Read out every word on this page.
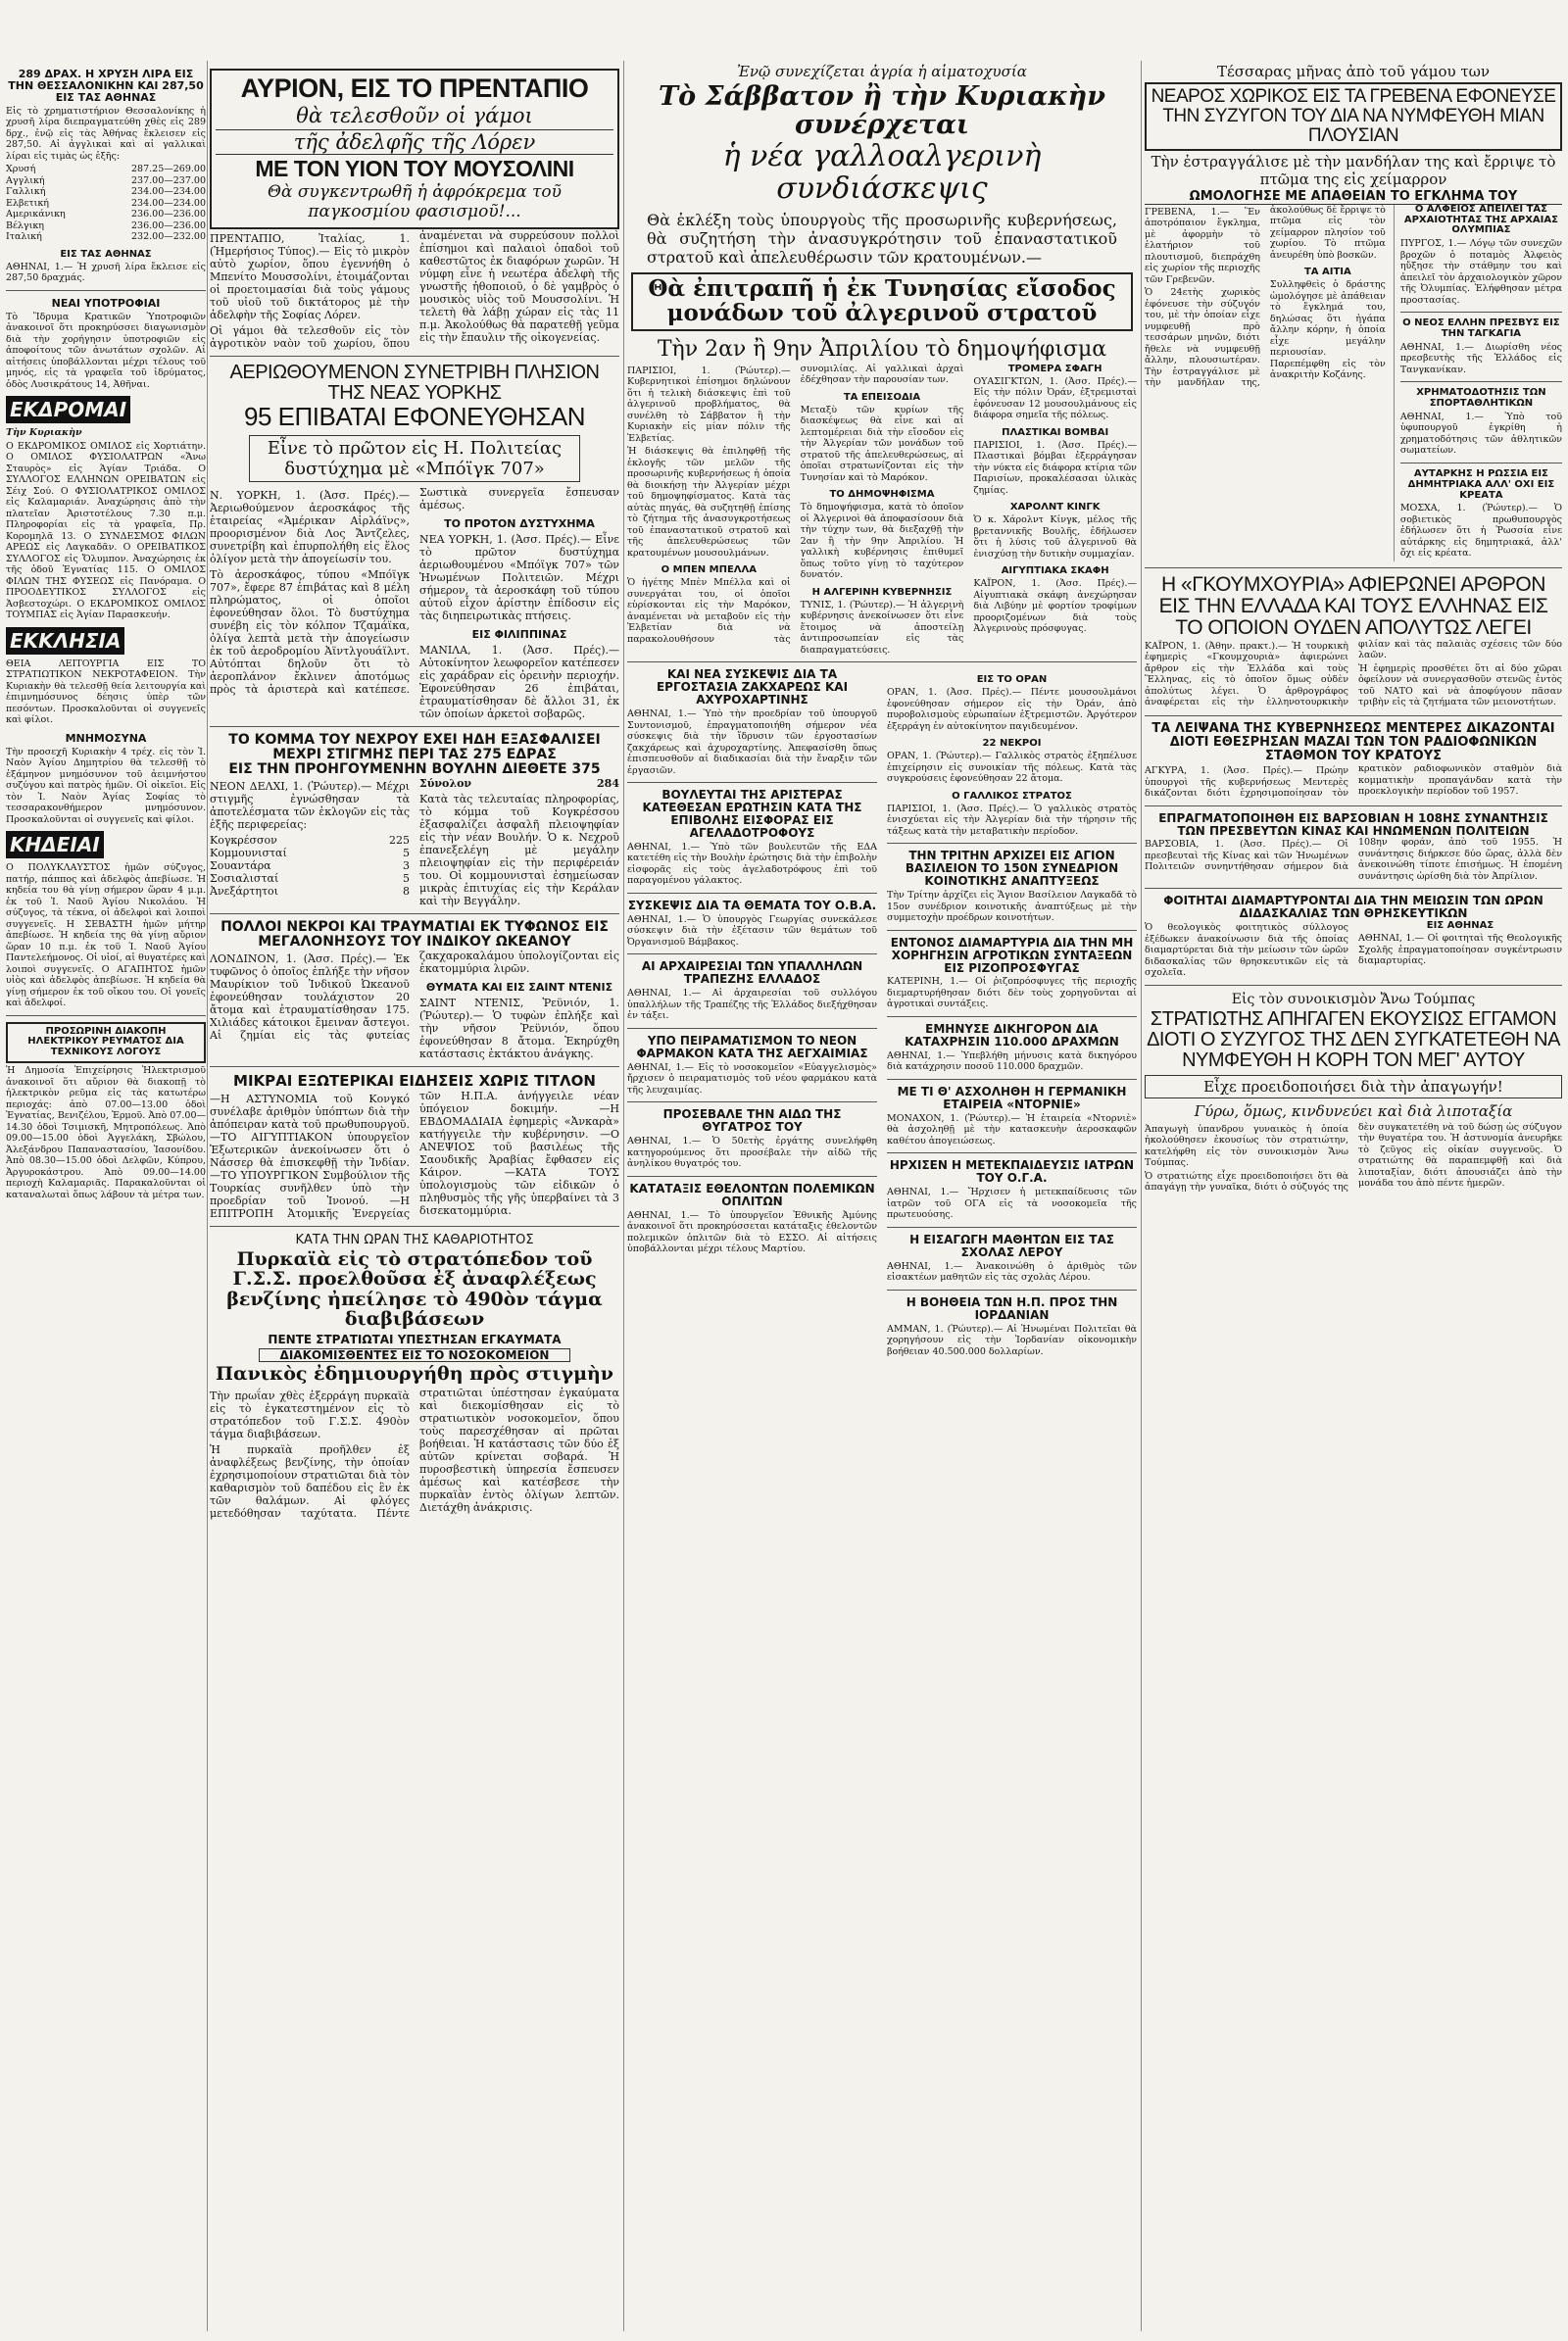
289 ΔΡΑΧ. Η ΧΡΥΣΗ ΛΙΡΑ ΕΙΣ ΤΗΝ ΘΕΣΣΑΛΟΝΙΚΗΝ ΚΑΙ 287,50 ΕΙΣ ΤΑΣ ΑΘΗΝΑΣ

Εἰς τὸ χρηματιστήριον Θεσσαλονίκης ἡ χρυσῆ λίρα διεπραγματεύθη χθὲς εἰς 289 δρχ., ἐνῷ εἰς τὰς Ἀθήνας ἔκλεισεν εἰς 287,50. Αἱ ἀγγλικαὶ καὶ αἱ γαλλικαὶ λίραι εἰς τιμὰς ὡς ἑξῆς:

Χρυσή	287.25—269.00
Αγγλική	237.00—237.00
Γαλλική	234.00—234.00
Ελβετική	234.00—234.00
Αμερικάνικη	236.00—236.00
Βέλγικη	236.00—236.00
Ιταλική	232.00—232.00

ΕΙΣ ΤΑΣ ΑΘΗΝΑΣ

ΑΘΗΝΑΙ, 1.— Ἡ χρυσῆ λίρα ἔκλεισε εἰς 287,50 δραχμάς.

ΝΕΑΙ ΥΠΟΤΡΟΦΙΑΙ

Τὸ Ἵδρυμα Κρατικῶν Ὑποτροφιῶν ἀνακοινοῖ ὅτι προκηρύσσει διαγωνισμὸν διὰ τὴν χορήγησιν ὑποτροφιῶν εἰς ἀποφοίτους τῶν ἀνωτάτων σχολῶν. Αἱ αἰτήσεις ὑποβάλλονται μέχρι τέλους τοῦ μηνός, εἰς τὰ γραφεῖα τοῦ ἱδρύματος, ὁδὸς Λυσικράτους 14, Ἀθῆναι.

ΕΚΔΡΟΜΑΙ

Τὴν Κυριακὴν

Ο ΕΚΔΡΟΜΙΚΟΣ ΟΜΙΛΟΣ εἰς Χορτιάτην. Ο ΟΜΙΛΟΣ ΦΥΣΙΟΛΑΤΡΩΝ «Ἄνω Σταυρὸς» εἰς Ἁγίαν Τριάδα. Ο ΣΥΛΛΟΓΟΣ ΕΛΛΗΝΩΝ ΟΡΕΙΒΑΤΩΝ εἰς Σέιχ Σού. Ο ΦΥΣΙΟΛΑΤΡΙΚΟΣ ΟΜΙΛΟΣ εἰς Καλαμαριάν. Ἀναχώρησις ἀπὸ τὴν πλατεῖαν Ἀριστοτέλους 7.30 π.μ. Πληροφορίαι εἰς τὰ γραφεῖα, Πρ. Κορομηλᾶ 13. Ο ΣΥΝΔΕΣΜΟΣ ΦΙΛΩΝ ΑΡΕΩΣ εἰς Λαγκαδᾶν. Ο ΟΡΕΙΒΑΤΙΚΟΣ ΣΥΛΛΟΓΟΣ εἰς Ὄλυμπον. Ἀναχώρησις ἐκ τῆς ὁδοῦ Ἐγνατίας 115. Ο ΟΜΙΛΟΣ ΦΙΛΩΝ ΤΗΣ ΦΥΣΕΩΣ εἰς Πανόραμα. Ο ΠΡΟΟΔΕΥΤΙΚΟΣ ΣΥΛΛΟΓΟΣ εἰς Ἀσβεστοχώρι. Ο ΕΚΔΡΟΜΙΚΟΣ ΟΜΙΛΟΣ ΤΟΥΜΠΑΣ εἰς Ἁγίαν Παρασκευήν.

ΕΚΚΛΗΣΙΑ

ΘΕΙΑ ΛΕΙΤΟΥΡΓΙΑ ΕΙΣ ΤΟ ΣΤΡΑΤΙΩΤΙΚΟΝ ΝΕΚΡΟΤΑΦΕΙΟΝ. Τὴν Κυριακὴν θὰ τελεσθῇ θεία λειτουργία καὶ ἐπιμνημόσυνος δέησις ὑπὲρ τῶν πεσόντων. Προσκαλοῦνται οἱ συγγενεῖς καὶ φίλοι.

ΜΝΗΜΟΣΥΝΑ

Τὴν προσεχῆ Κυριακὴν 4 τρέχ. εἰς τὸν Ἱ. Ναὸν Ἁγίου Δημητρίου θὰ τελεσθῇ τὸ ἑξάμηνον μνημόσυνον τοῦ ἀειμνήστου συζύγου καὶ πατρὸς ἡμῶν. Οἱ οἰκεῖοι. Εἰς τὸν Ἱ. Ναὸν Ἁγίας Σοφίας τὸ τεσσαρακονθήμερον μνημόσυνον. Προσκαλοῦνται οἱ συγγενεῖς καὶ φίλοι.

ΚΗΔΕΙΑΙ

Ο ΠΟΛΥΚΛΑΥΣΤΟΣ ἡμῶν σύζυγος, πατήρ, πάππος καὶ ἀδελφὸς ἀπεβίωσε. Ἡ κηδεία του θὰ γίνῃ σήμερον ὥραν 4 μ.μ. ἐκ τοῦ Ἱ. Ναοῦ Ἁγίου Νικολάου. Ἡ σύζυγος, τὰ τέκνα, οἱ ἀδελφοὶ καὶ λοιποὶ συγγενεῖς. Η ΣΕΒΑΣΤΗ ἡμῶν μήτηρ ἀπεβίωσε. Ἡ κηδεία της θὰ γίνῃ αὔριον ὥραν 10 π.μ. ἐκ τοῦ Ἱ. Ναοῦ Ἁγίου Παντελεήμονος. Οἱ υἱοί, αἱ θυγατέρες καὶ λοιποὶ συγγενεῖς. Ο ΑΓΑΠΗΤΟΣ ἡμῶν υἱὸς καὶ ἀδελφὸς ἀπεβίωσε. Ἡ κηδεία θὰ γίνῃ σήμερον ἐκ τοῦ οἴκου του. Οἱ γονεῖς καὶ ἀδελφοί.

ΠΡΟΣΩΡΙΝΗ ΔΙΑΚΟΠΗ ΗΛΕΚΤΡΙΚΟΥ ΡΕΥΜΑΤΟΣ ΔΙΑ ΤΕΧΝΙΚΟΥΣ ΛΟΓΟΥΣ

Ἡ Δημοσία Ἐπιχείρησις Ἠλεκτρισμοῦ ἀνακοινοῖ ὅτι αὔριον θὰ διακοπῇ τὸ ἠλεκτρικὸν ρεῦμα εἰς τὰς κατωτέρω περιοχάς: ἀπὸ 07.00—13.00 ὁδοὶ Ἐγνατίας, Βενιζέλου, Ἑρμοῦ. Ἀπὸ 07.00—14.30 ὁδοὶ Τσιμισκῆ, Μητροπόλεως. Ἀπὸ 09.00—15.00 ὁδοὶ Ἀγγελάκη, Σβώλου, Ἀλεξάνδρου Παπαναστασίου, Ἰασονίδου. Ἀπὸ 08.30—15.00 ὁδοὶ Δελφῶν, Κύπρου, Ἀργυροκάστρου. Ἀπὸ 09.00—14.00 περιοχὴ Καλαμαριᾶς. Παρακαλοῦνται οἱ καταναλωταὶ ὅπως λάβουν τὰ μέτρα των.

ΑΥΡΙΟΝ, ΕΙΣ ΤΟ ΠΡΕΝΤΑΠΙΟ

θὰ τελεσθοῦν οἱ γάμοι

τῆς ἀδελφῆς τῆς Λόρεν

ΜΕ ΤΟΝ ΥΙΟΝ ΤΟΥ ΜΟΥΣΟΛΙΝΙ

Θὰ συγκεντρωθῆ ἡ ἀφρόκρεμα τοῦ παγκοσμίου φασισμοῦ!...

ΠΡΕΝΤΑΠΙΟ, Ἰταλίας, 1. (Ἡμερήσιος Τύπος).— Εἰς τὸ μικρὸν αὐτὸ χωρίον, ὅπου ἐγεννήθη ὁ Μπενίτο Μουσσολίνι, ἑτοιμάζονται οἱ προετοιμασίαι διὰ τοὺς γάμους τοῦ υἱοῦ τοῦ δικτάτορος μὲ τὴν ἀδελφὴν τῆς Σοφίας Λόρεν.

Οἱ γάμοι θὰ τελεσθοῦν εἰς τὸν ἀγροτικὸν ναὸν τοῦ χωρίου, ὅπου ἀναμένεται νὰ συρρεύσουν πολλοὶ ἐπίσημοι καὶ παλαιοὶ ὀπαδοὶ τοῦ καθεστῶτος ἐκ διαφόρων χωρῶν. Ἡ νύμφη εἶνε ἡ νεωτέρα ἀδελφὴ τῆς γνωστῆς ἠθοποιοῦ, ὁ δὲ γαμβρὸς ὁ μουσικὸς υἱὸς τοῦ Μουσσολίνι. Ἡ τελετὴ θὰ λάβῃ χώραν εἰς τὰς 11 π.μ. Ἀκολούθως θὰ παρατεθῇ γεῦμα εἰς τὴν ἔπαυλιν τῆς οἰκογενείας.

ΑΕΡΙΩΘΟΥΜΕΝΟΝ ΣΥΝΕΤΡΙΒΗ ΠΛΗΣΙΟΝ ΤΗΣ ΝΕΑΣ ΥΟΡΚΗΣ

95 ΕΠΙΒΑΤΑΙ ΕΦΟΝΕΥΘΗΣΑΝ

Εἶνε τὸ πρῶτον εἰς Η. Πολιτείας δυστύχημα μὲ «Μπόϊγκ 707»

Ν. ΥΟΡΚΗ, 1. (Ἀσσ. Πρές).— Ἀεριωθούμενον ἀεροσκάφος τῆς ἑταιρείας «Ἀμέρικαν Αἰρλάϊνς», προορισμένον διὰ Λος Ἄντζελες, συνετρίβη καὶ ἐπυρπολήθη εἰς ἕλος ὀλίγον μετὰ τὴν ἀπογείωσίν του.

Τὸ ἀεροσκάφος, τύπου «Μπόϊγκ 707», ἔφερε 87 ἐπιβάτας καὶ 8 μέλη πληρώματος, οἱ ὁποῖοι ἐφονεύθησαν ὅλοι. Τὸ δυστύχημα συνέβη εἰς τὸν κόλπον Τζαμάϊκα, ὀλίγα λεπτὰ μετὰ τὴν ἀπογείωσιν ἐκ τοῦ ἀεροδρομίου Ἀϊντλγουάϊλντ. Αὐτόπται δηλοῦν ὅτι τὸ ἀεροπλάνον ἔκλινεν ἀποτόμως πρὸς τὰ ἀριστερὰ καὶ κατέπεσε. Σωστικὰ συνεργεῖα ἔσπευσαν ἀμέσως.

ΤΟ ΠΡΟΤΟΝ ΔΥΣΤΥΧΗΜΑ

ΝΕΑ ΥΟΡΚΗ, 1. (Ἀσσ. Πρές).— Εἶνε τὸ πρῶτον δυστύχημα ἀεριωθουμένου «Μπόϊγκ 707» τῶν Ἡνωμένων Πολιτειῶν. Μέχρι σήμερον, τὰ ἀεροσκάφη τοῦ τύπου αὐτοῦ εἶχον ἀρίστην ἐπίδοσιν εἰς τὰς διηπειρωτικὰς πτήσεις.

ΕΙΣ ΦΙΛΙΠΠΙΝΑΣ

ΜΑΝΙΛΑ, 1. (Ἀσσ. Πρές).— Αὐτοκίνητον λεωφορεῖον κατέπεσεν εἰς χαράδραν εἰς ὀρεινὴν περιοχήν. Ἐφονεύθησαν 26 ἐπιβάται, ἐτραυματίσθησαν δὲ ἄλλοι 31, ἐκ τῶν ὁποίων ἀρκετοὶ σοβαρῶς.

ΤΟ ΚΟΜΜΑ ΤΟΥ ΝΕΧΡΟΥ ΕΧΕΙ ΗΔΗ ΕΞΑΣΦΑΛΙΣΕΙ ΜΕΧΡΙ ΣΤΙΓΜΗΣ ΠΕΡΙ ΤΑΣ 275 ΕΔΡΑΣ

ΕΙΣ ΤΗΝ ΠΡΟΗΓΟΥΜΕΝΗΝ ΒΟΥΛΗΝ ΔΙΕΘΕΤΕ 375

ΝΕΟΝ ΔΕΛΧΙ, 1. (Ῥώυτερ).— Μέχρι στιγμῆς ἐγνώσθησαν τὰ ἀποτελέσματα τῶν ἐκλογῶν εἰς τὰς ἑξῆς περιφερείας:

Κογκρέσσον	225
Κομμουνισταί	5
Σουαντάρα	3
Σοσιαλισταί	5
Ἀνεξάρτητοι	8
Σύνολον	284

Κατὰ τὰς τελευταίας πληροφορίας, τὸ κόμμα τοῦ Κογκρέσσου ἐξασφαλίζει ἀσφαλῆ πλειοψηφίαν εἰς τὴν νέαν Βουλήν. Ὁ κ. Νεχροῦ ἐπανεξελέγη μὲ μεγάλην πλειοψηφίαν εἰς τὴν περιφέρειάν του. Οἱ κομμουνισταὶ ἐσημείωσαν μικρὰς ἐπιτυχίας εἰς τὴν Κεράλαν καὶ τὴν Βεγγάλην.

ΠΟΛΛΟΙ ΝΕΚΡΟΙ ΚΑΙ ΤΡΑΥΜΑΤΙΑΙ ΕΚ ΤΥΦΩΝΟΣ ΕΙΣ ΜΕΓΑΛΟΝΗΣΟΥΣ ΤΟΥ ΙΝΔΙΚΟΥ ΩΚΕΑΝΟΥ

ΛΟΝΔΙΝΟΝ, 1. (Ἀσσ. Πρές).— Ἐκ τυφῶνος ὁ ὁποῖος ἐπλήξε τὴν νῆσον Μαυρίκιον τοῦ Ἰνδικοῦ Ὠκεανοῦ ἐφονεύθησαν τουλάχιστον 20 ἄτομα καὶ ἐτραυματίσθησαν 175. Χιλιάδες κάτοικοι ἔμειναν ἄστεγοι. Αἱ ζημίαι εἰς τὰς φυτείας ζακχαροκαλάμου ὑπολογίζονται εἰς ἑκατομμύρια λιρῶν.

ΘΥΜΑΤΑ ΚΑΙ ΕΙΣ ΣΑΙΝΤ ΝΤΕΝΙΣ

ΣΑΙΝΤ ΝΤΕΝΙΣ, Ῥεϋνιόν, 1. (Ῥώυτερ).— Ὁ τυφὼν ἐπλήξε καὶ τὴν νῆσον Ῥεϋνιόν, ὅπου ἐφονεύθησαν 8 ἄτομα. Ἐκηρύχθη κατάστασις ἐκτάκτου ἀνάγκης.

ΜΙΚΡΑΙ ΕΞΩΤΕΡΙΚΑΙ ΕΙΔΗΣΕΙΣ ΧΩΡΙΣ ΤΙΤΛΟΝ

—Η ΑΣΤΥΝΟΜΙΑ τοῦ Κονγκό συνέλαβε ἀριθμὸν ὑπόπτων διὰ τὴν ἀπόπειραν κατὰ τοῦ πρωθυπουργοῦ. —ΤΟ ΑΙΓΥΠΤΙΑΚΟΝ ὑπουργεῖον Ἐξωτερικῶν ἀνεκοίνωσεν ὅτι ὁ Νάσσερ θὰ ἐπισκεφθῇ τὴν Ἰνδίαν. —ΤΟ ΥΠΟΥΡΓΙΚΟΝ Συμβούλιον τῆς Τουρκίας συνῆλθεν ὑπὸ τὴν προεδρίαν τοῦ Ἰνονού. —Η ΕΠΙΤΡΟΠΗ Ἀτομικῆς Ἐνεργείας τῶν Η.Π.Α. ἀνήγγειλε νέαν ὑπόγειον δοκιμήν. —Η ΕΒΔΟΜΑΔΙΑΙΑ ἐφημερὶς «Ἀνκαρὰ» κατήγγειλε τὴν κυβέρνησιν. —Ο ΑΝΕΨΙΟΣ τοῦ βασιλέως τῆς Σαουδικῆς Ἀραβίας ἔφθασεν εἰς Κάιρον. —ΚΑΤΑ ΤΟΥΣ ὑπολογισμοὺς τῶν εἰδικῶν ὁ πληθυσμὸς τῆς γῆς ὑπερβαίνει τὰ 3 δισεκατομμύρια.

ΚΑΤΑ ΤΗΝ ΩΡΑΝ ΤΗΣ ΚΑΘΑΡΙΟΤΗΤΟΣ

Πυρκαϊὰ εἰς τὸ στρατόπεδον τοῦ Γ.Σ.Σ. προελθοῦσα ἐξ ἀναφλέξεως βενζίνης ἠπείλησε τὸ 490ὸν τάγμα διαβιβάσεων

ΠΕΝΤΕ ΣΤΡΑΤΙΩΤΑΙ ΥΠΕΣΤΗΣΑΝ ΕΓΚΑΥΜΑΤΑ

ΔΙΑΚΟΜΙΣΘΕΝΤΕΣ ΕΙΣ ΤΟ ΝΟΣΟΚΟΜΕΙΟΝ

Πανικὸς ἐδημιουργήθη πρὸς στιγμὴν

Τὴν πρωΐαν χθὲς ἐξερράγη πυρκαϊὰ εἰς τὸ ἐγκατεστημένον εἰς τὸ στρατόπεδον τοῦ Γ.Σ.Σ. 490ὸν τάγμα διαβιβάσεων.

Ἡ πυρκαϊὰ προῆλθεν ἐξ ἀναφλέξεως βενζίνης, τὴν ὁποίαν ἐχρησιμοποίουν στρατιῶται διὰ τὸν καθαρισμὸν τοῦ δαπέδου εἰς ἓν ἐκ τῶν θαλάμων. Αἱ φλόγες μετεδόθησαν ταχύτατα. Πέντε στρατιῶται ὑπέστησαν ἐγκαύματα καὶ διεκομίσθησαν εἰς τὸ στρατιωτικὸν νοσοκομεῖον, ὅπου τοὺς παρεσχέθησαν αἱ πρῶται βοήθειαι. Ἡ κατάστασις τῶν δύο ἐξ αὐτῶν κρίνεται σοβαρά. Ἡ πυροσβεστικὴ ὑπηρεσία ἔσπευσεν ἀμέσως καὶ κατέσβεσε τὴν πυρκαϊὰν ἐντὸς ὀλίγων λεπτῶν. Διετάχθη ἀνάκρισις.

Ἐνῷ συνεχίζεται ἀγρία ἡ αἱματοχυσία

Τὸ Σάββατον ἢ τὴν Κυριακὴν συνέρχεται

ἡ νέα γαλλοαλγερινὴ συνδιάσκεψις

Θὰ ἐκλέξη τοὺς ὑπουργοὺς τῆς προσωρινῆς κυβερνήσεως, θὰ συζητήση τὴν ἀνασυγκρότησιν τοῦ ἐπαναστατικοῦ στρατοῦ καὶ ἀπελευθέρωσιν τῶν κρατουμένων.—

Θὰ ἐπιτραπῆ ἡ ἐκ Τυνησίας εἴσοδος μονάδων τοῦ ἀλγερινοῦ στρατοῦ

Τὴν 2αν ἢ 9ην Ἀπριλίου τὸ δημοψήφισμα

ΠΑΡΙΣΙΟΙ, 1. (Ῥώυτερ).— Κυβερνητικοὶ ἐπίσημοι δηλώνουν ὅτι ἡ τελικὴ διάσκεψις ἐπὶ τοῦ ἀλγερινοῦ προβλήματος, θὰ συνέλθη τὸ Σάββατον ἢ τὴν Κυριακὴν εἰς μίαν πόλιν τῆς Ἐλβετίας.

Ἡ διάσκεψις θὰ ἐπιληφθῇ τῆς ἐκλογῆς τῶν μελῶν τῆς προσωρινῆς κυβερνήσεως ἡ ὁποία θὰ διοικήσῃ τὴν Ἀλγερίαν μέχρι τοῦ δημοψηφίσματος. Κατὰ τὰς αὐτὰς πηγάς, θὰ συζητηθῇ ἐπίσης τὸ ζήτημα τῆς ἀνασυγκροτήσεως τοῦ ἐπαναστατικοῦ στρατοῦ καὶ τῆς ἀπελευθερώσεως τῶν κρατουμένων μουσουλμάνων.

Ο ΜΠΕΝ ΜΠΕΛΛΑ

Ὁ ἡγέτης Μπὲν Μπέλλα καὶ οἱ συνεργάται του, οἱ ὁποῖοι εὑρίσκονται εἰς τὴν Μαρόκον, ἀναμένεται νὰ μεταβοῦν εἰς τὴν Ἐλβετίαν διὰ νὰ παρακολουθήσουν τὰς συνομιλίας. Αἱ γαλλικαὶ ἀρχαὶ ἐδέχθησαν τὴν παρουσίαν των.

ΤΑ ΕΠΕΙΣΟΔΙΑ

Μεταξὺ τῶν κυρίων τῆς διασκέψεως θὰ εἶνε καὶ αἱ λεπτομέρειαι διὰ τὴν εἴσοδον εἰς τὴν Ἀλγερίαν τῶν μονάδων τοῦ στρατοῦ τῆς ἀπελευθερώσεως, αἱ ὁποῖαι στρατωνίζονται εἰς τὴν Τυνησίαν καὶ τὸ Μαρόκον.

ΤΟ ΔΗΜΟΨΗΦΙΣΜΑ

Τὸ δημοψήφισμα, κατὰ τὸ ὁποῖον οἱ Ἀλγερινοὶ θὰ ἀποφασίσουν διὰ τὴν τύχην των, θὰ διεξαχθῇ τὴν 2αν ἢ τὴν 9ην Ἀπριλίου. Ἡ γαλλικὴ κυβέρνησις ἐπιθυμεῖ ὅπως τοῦτο γίνῃ τὸ ταχύτερον δυνατόν.

Η ΑΛΓΕΡΙΝΗ ΚΥΒΕΡΝΗΣΙΣ

ΤΥΝΙΣ, 1. (Ῥώυτερ).— Ἡ ἀλγερινὴ κυβέρνησις ἀνεκοίνωσεν ὅτι εἶνε ἕτοιμος νὰ ἀποστείλῃ ἀντιπροσωπείαν εἰς τὰς διαπραγματεύσεις.

ΤΡΟΜΕΡΑ ΣΦΑΓΗ

ΟΥΑΣΙΓΚΤΩΝ, 1. (Ἀσσ. Πρές).— Εἰς τὴν πόλιν Ὀράν, ἐξτρεμισταὶ ἐφόνευσαν 12 μουσουλμάνους εἰς διάφορα σημεῖα τῆς πόλεως.

ΠΛΑΣΤΙΚΑΙ ΒΟΜΒΑΙ

ΠΑΡΙΣΙΟΙ, 1. (Ἀσσ. Πρές).— Πλαστικαὶ βόμβαι ἐξερράγησαν τὴν νύκτα εἰς διάφορα κτίρια τῶν Παρισίων, προκαλέσασαι ὑλικὰς ζημίας.

ΧΑΡΟΛΝΤ ΚΙΝΓΚ

Ὁ κ. Χάρολντ Κίνγκ, μέλος τῆς βρεταννικῆς Βουλῆς, ἐδήλωσεν ὅτι ἡ λύσις τοῦ ἀλγερινοῦ θὰ ἐνισχύσῃ τὴν δυτικὴν συμμαχίαν.

ΑΙΓΥΠΤΙΑΚΑ ΣΚΑΦΗ

ΚΑΪΡΟΝ, 1. (Ἀσσ. Πρές).— Αἰγυπτιακὰ σκάφη ἀνεχώρησαν διὰ Λιβύην μὲ φορτίον τροφίμων προοριζομένων διὰ τοὺς Ἀλγερινοὺς πρόσφυγας.

ΚΑΙ ΝΕΑ ΣΥΣΚΕΨΙΣ ΔΙΑ ΤΑ ΕΡΓΟΣΤΑΣΙΑ ΖΑΚΧΑΡΕΩΣ ΚΑΙ ΑΧΥΡΟΧΑΡΤΙΝΗΣ

ΑΘΗΝΑΙ, 1.— Ὑπὸ τὴν προεδρίαν τοῦ ὑπουργοῦ Συντονισμοῦ, ἐπραγματοποιήθη σήμερον νέα σύσκεψις διὰ τὴν ἵδρυσιν τῶν ἐργοστασίων ζακχάρεως καὶ ἀχυροχαρτίνης. Ἀπεφασίσθη ὅπως ἐπισπευσθοῦν αἱ διαδικασίαι διὰ τὴν ἔναρξιν τῶν ἐργασιῶν.

ΒΟΥΛΕΥΤΑΙ ΤΗΣ ΑΡΙΣΤΕΡΑΣ ΚΑΤΕΘΕΣΑΝ ΕΡΩΤΗΣΙΝ ΚΑΤΑ ΤΗΣ ΕΠΙΒΟΛΗΣ ΕΙΣΦΟΡΑΣ ΕΙΣ ΑΓΕΛΑΔΟΤΡΟΦΟΥΣ

ΑΘΗΝΑΙ, 1.— Ὑπὸ τῶν βουλευτῶν τῆς ΕΔΑ κατετέθη εἰς τὴν Βουλὴν ἐρώτησις διὰ τὴν ἐπιβολὴν εἰσφορᾶς εἰς τοὺς ἀγελαδοτρόφους ἐπὶ τοῦ παραγομένου γάλακτος.

ΣΥΣΚΕΨΙΣ ΔΙΑ ΤΑ ΘΕΜΑΤΑ ΤΟΥ Ο.Β.Α.

ΑΘΗΝΑΙ, 1.— Ὁ ὑπουργὸς Γεωργίας συνεκάλεσε σύσκεψιν διὰ τὴν ἐξέτασιν τῶν θεμάτων τοῦ Ὀργανισμοῦ Βάμβακος.

ΑΙ ΑΡΧΑΙΡΕΣΙΑΙ ΤΩΝ ΥΠΑΛΛΗΛΩΝ ΤΡΑΠΕΖΗΣ ΕΛΛΑΔΟΣ

ΑΘΗΝΑΙ, 1.— Αἱ ἀρχαιρεσίαι τοῦ συλλόγου ὑπαλλήλων τῆς Τραπέζης τῆς Ἑλλάδος διεξήχθησαν ἐν τάξει.

ΥΠΟ ΠΕΙΡΑΜΑΤΙΣΜΟΝ ΤΟ ΝΕΟΝ ΦΑΡΜΑΚΟΝ ΚΑΤΑ ΤΗΣ ΑΕΓΧΑΙΜΙΑΣ

ΑΘΗΝΑΙ, 1.— Εἰς τὸ νοσοκομεῖον «Εὐαγγελισμὸς» ἤρχισεν ὁ πειραματισμὸς τοῦ νέου φαρμάκου κατὰ τῆς λευχαιμίας.

ΠΡΟΣΕΒΑΛΕ ΤΗΝ ΑΙΔΩ ΤΗΣ ΘΥΓΑΤΡΟΣ ΤΟΥ

ΑΘΗΝΑΙ, 1.— Ὁ 50ετὴς ἐργάτης συνελήφθη κατηγορούμενος ὅτι προσέβαλε τὴν αἰδῶ τῆς ἀνηλίκου θυγατρός του.

ΚΑΤΑΤΑΞΙΣ ΕΘΕΛΟΝΤΩΝ ΠΟΛΕΜΙΚΩΝ ΟΠΛΙΤΩΝ

ΑΘΗΝΑΙ, 1.— Τὸ ὑπουργεῖον Ἐθνικῆς Ἀμύνης ἀνακοινοῖ ὅτι προκηρύσσεται κατάταξις ἐθελοντῶν πολεμικῶν ὁπλιτῶν διὰ τὸ ΕΣΣΟ. Αἱ αἰτήσεις ὑποβάλλονται μέχρι τέλους Μαρτίου.

ΕΙΣ ΤΟ ΟΡΑΝ

ΟΡΑΝ, 1. (Ἀσσ. Πρές).— Πέντε μουσουλμάνοι ἐφονεύθησαν σήμερον εἰς τὴν Ὀράν, ἀπὸ πυροβολισμοὺς εὐρωπαίων ἐξτρεμιστῶν. Ἀργότερον ἐξερράγη ἐν αὐτοκίνητον παγιδευμένον.

22 ΝΕΚΡΟΙ

ΟΡΑΝ, 1. (Ῥώυτερ).— Γαλλικὸς στρατὸς ἐξηπέλυσε ἐπιχείρησιν εἰς συνοικίαν τῆς πόλεως. Κατὰ τὰς συγκρούσεις ἐφονεύθησαν 22 ἄτομα.

Ο ΓΑΛΛΙΚΟΣ ΣΤΡΑΤΟΣ

ΠΑΡΙΣΙΟΙ, 1. (Ἀσσ. Πρές).— Ὁ γαλλικὸς στρατὸς ἐνισχύεται εἰς τὴν Ἀλγερίαν διὰ τὴν τήρησιν τῆς τάξεως κατὰ τὴν μεταβατικὴν περίοδον.

ΤΗΝ ΤΡΙΤΗΝ ΑΡΧΙΖΕΙ ΕΙΣ ΑΓΙΟΝ ΒΑΣΙΛΕΙΟΝ ΤΟ 150Ν ΣΥΝΕΔΡΙΟΝ ΚΟΙΝΟΤΙΚΗΣ ΑΝΑΠΤΥΞΕΩΣ

Τὴν Τρίτην ἀρχίζει εἰς Ἅγιον Βασίλειον Λαγκαδᾶ τὸ 15ον συνέδριον κοινοτικῆς ἀναπτύξεως μὲ τὴν συμμετοχὴν προέδρων κοινοτήτων.

ΕΝΤΟΝΟΣ ΔΙΑΜΑΡΤΥΡΙΑ ΔΙΑ ΤΗΝ ΜΗ ΧΟΡΗΓΗΣΙΝ ΑΓΡΟΤΙΚΩΝ ΣΥΝΤΑΞΕΩΝ ΕΙΣ ΡΙΖΟΠΡΟΣΦΥΓΑΣ

ΚΑΤΕΡΙΝΗ, 1.— Οἱ ῥιζοπρόσφυγες τῆς περιοχῆς διεμαρτυρήθησαν διότι δὲν τοὺς χορηγοῦνται αἱ ἀγροτικαὶ συντάξεις.

ΕΜΗΝΥΣΕ ΔΙΚΗΓΟΡΟΝ ΔΙΑ ΚΑΤΑΧΡΗΣΙΝ 110.000 ΔΡΑΧΜΩΝ

ΑΘΗΝΑΙ, 1.— Ὑπεβλήθη μήνυσις κατὰ δικηγόρου διὰ κατάχρησιν ποσοῦ 110.000 δραχμῶν.

ΜΕ ΤΙ Θ' ΑΣΧΟΛΗΘΗ Η ΓΕΡΜΑΝΙΚΗ ΕΤΑΙΡΕΙΑ «ΝΤΟΡΝΙΕ»

ΜΟΝΑΧΟΝ, 1. (Ῥώυτερ).— Ἡ ἑταιρεία «Ντορνιὲ» θὰ ἀσχοληθῇ μὲ τὴν κατασκευὴν ἀεροσκαφῶν καθέτου ἀπογειώσεως.

ΗΡΧΙΣΕΝ Η ΜΕΤΕΚΠΑΙΔΕΥΣΙΣ ΙΑΤΡΩΝ ΤΟΥ Ο.Γ.Α.

ΑΘΗΝΑΙ, 1.— Ἤρχισεν ἡ μετεκπαίδευσις τῶν ἰατρῶν τοῦ ΟΓΑ εἰς τὰ νοσοκομεῖα τῆς πρωτευούσης.

Η ΕΙΣΑΓΩΓΗ ΜΑΘΗΤΩΝ ΕΙΣ ΤΑΣ ΣΧΟΛΑΣ ΛΕΡΟΥ

ΑΘΗΝΑΙ, 1.— Ἀνακοινώθη ὁ ἀριθμὸς τῶν εἰσακτέων μαθητῶν εἰς τὰς σχολὰς Λέρου.

Η ΒΟΗΘΕΙΑ ΤΩΝ Η.Π. ΠΡΟΣ ΤΗΝ ΙΟΡΔΑΝΙΑΝ

ΑΜΜΑΝ, 1. (Ῥώυτερ).— Αἱ Ἡνωμέναι Πολιτεῖαι θὰ χορηγήσουν εἰς τὴν Ἰορδανίαν οἰκονομικὴν βοήθειαν 40.500.000 δολλαρίων.

Τέσσαρας μῆνας ἀπὸ τοῦ γάμου των

ΝΕΑΡΟΣ ΧΩΡΙΚΟΣ ΕΙΣ ΤΑ ΓΡΕΒΕΝΑ ΕΦΟΝΕΥΣΕ ΤΗΝ ΣΥΖΥΓΟΝ ΤΟΥ ΔΙΑ ΝΑ ΝΥΜΦΕΥΘΗ ΜΙΑΝ ΠΛΟΥΣΙΑΝ

Τὴν ἐστραγγάλισε μὲ τὴν μανδήλαν της καὶ ἔρριψε τὸ πτῶμα της εἰς χείμαρρον

ΩΜΟΛΟΓΗΣΕ ΜΕ ΑΠΑΘΕΙΑΝ ΤΟ ΕΓΚΛΗΜΑ ΤΟΥ

ΓΡΕΒΕΝΑ, 1.— Ἓν ἀποτρόπαιον ἔγκλημα, μὲ ἀφορμὴν τὸ ἐλατήριον τοῦ πλουτισμοῦ, διεπράχθη εἰς χωρίον τῆς περιοχῆς τῶν Γρεβενῶν.

Ὁ 24ετὴς χωρικὸς ἐφόνευσε τὴν σύζυγόν του, μὲ τὴν ὁποίαν εἶχε νυμφευθῇ πρὸ τεσσάρων μηνῶν, διότι ἤθελε νὰ νυμφευθῇ ἄλλην, πλουσιωτέραν. Τὴν ἐστραγγάλισε μὲ τὴν μανδήλαν της, ἀκολούθως δὲ ἔρριψε τὸ πτῶμα εἰς τὸν χείμαρρον πλησίον τοῦ χωρίου. Τὸ πτῶμα ἀνευρέθη ὑπὸ βοσκῶν.

ΤΑ ΑΙΤΙΑ

Συλληφθεὶς ὁ δράστης ὡμολόγησε μὲ ἀπάθειαν τὸ ἔγκλημά του, δηλώσας ὅτι ἠγάπα ἄλλην κόρην, ἡ ὁποία εἶχε μεγάλην περιουσίαν. Παρεπέμφθη εἰς τὸν ἀνακριτὴν Κοζάνης.

Ο ΑΛΦΕΙΟΣ ΑΠΕΙΛΕΙ ΤΑΣ ΑΡΧΑΙΟΤΗΤΑΣ ΤΗΣ ΑΡΧΑΙΑΣ ΟΛΥΜΠΙΑΣ

ΠΥΡΓΟΣ, 1.— Λόγῳ τῶν συνεχῶν βροχῶν ὁ ποταμὸς Ἀλφειὸς ηὔξησε τὴν στάθμην του καὶ ἀπειλεῖ τὸν ἀρχαιολογικὸν χῶρον τῆς Ὀλυμπίας. Ἐλήφθησαν μέτρα προστασίας.

Ο ΝΕΟΣ ΕΛΛΗΝ ΠΡΕΣΒΥΣ ΕΙΣ ΤΗΝ ΤΑΓΚΑΓΙΑ

ΑΘΗΝΑΙ, 1.— Διωρίσθη νέος πρεσβευτὴς τῆς Ἑλλάδος εἰς Τανγκανίκαν.

ΧΡΗΜΑΤΟΔΟΤΗΣΙΣ ΤΩΝ ΣΠΟΡΤΑΘΛΗΤΙΚΩΝ

ΑΘΗΝΑΙ, 1.— Ὑπὸ τοῦ ὑφυπουργοῦ ἐγκρίθη ἡ χρηματοδότησις τῶν ἀθλητικῶν σωματείων.

ΑΥΤΑΡΚΗΣ Η ΡΩΣΣΙΑ ΕΙΣ ΔΗΜΗΤΡΙΑΚΑ ΑΛΛ' ΟΧΙ ΕΙΣ ΚΡΕΑΤΑ

ΜΟΣΧΑ, 1. (Ῥώυτερ).— Ὁ σοβιετικὸς πρωθυπουργὸς ἐδήλωσεν ὅτι ἡ Ῥωσσία εἶνε αὐτάρκης εἰς δημητριακά, ἀλλ' ὄχι εἰς κρέατα.

Η «ΓΚΟΥΜΧΟΥΡΙΑ» ΑΦΙΕΡΩΝΕΙ ΑΡΘΡΟΝ ΕΙΣ ΤΗΝ ΕΛΛΑΔΑ ΚΑΙ ΤΟΥΣ ΕΛΛΗΝΑΣ ΕΙΣ ΤΟ ΟΠΟΙΟΝ ΟΥΔΕΝ ΑΠΟΛΥΤΩΣ ΛΕΓΕΙ

ΚΑΪΡΟΝ, 1. (Ἀθην. πρακτ.).— Ἡ τουρκικὴ ἐφημερὶς «Γκουμχουριὰ» ἀφιερώνει ἄρθρον εἰς τὴν Ἑλλάδα καὶ τοὺς Ἕλληνας, εἰς τὸ ὁποῖον ὅμως οὐδὲν ἀπολύτως λέγει. Ὁ ἀρθρογράφος ἀναφέρεται εἰς τὴν ἑλληνοτουρκικὴν φιλίαν καὶ τὰς παλαιὰς σχέσεις τῶν δύο λαῶν.

Ἡ ἐφημερὶς προσθέτει ὅτι αἱ δύο χῶραι ὀφείλουν νὰ συνεργασθοῦν στενῶς ἐντὸς τοῦ ΝΑΤΟ καὶ νὰ ἀποφύγουν πᾶσαν τριβὴν εἰς τὰ ζητήματα τῶν μειονοτήτων.

ΤΑ ΛΕΙΨΑΝΑ ΤΗΣ ΚΥΒΕΡΝΗΣΕΩΣ ΜΕΝΤΕΡΕΣ ΔΙΚΑΖΟΝΤΑΙ ΔΙΟΤΙ ΕΘΕΣΡΗΣΑΝ ΜΑΖΑΙ ΤΩΝ ΤΟΝ ΡΑΔΙΟΦΩΝΙΚΩΝ ΣΤΑΘΜΟΝ ΤΟΥ ΚΡΑΤΟΥΣ

ΑΓΚΥΡΑ, 1. (Ἀσσ. Πρές).— Πρώην ὑπουργοὶ τῆς κυβερνήσεως Μεντερὲς δικάζονται διότι ἐχρησιμοποίησαν τὸν κρατικὸν ραδιοφωνικὸν σταθμὸν διὰ κομματικὴν προπαγάνδαν κατὰ τὴν προεκλογικὴν περίοδον τοῦ 1957.

ΕΠΡΑΓΜΑΤΟΠΟΙΗΘΗ ΕΙΣ ΒΑΡΣΟΒΙΑΝ Η 108ΗΣ ΣΥΝΑΝΤΗΣΙΣ ΤΩΝ ΠΡΕΣΒΕΥΤΩΝ ΚΙΝΑΣ ΚΑΙ ΗΝΩΜΕΝΩΝ ΠΟΛΙΤΕΙΩΝ

ΒΑΡΣΟΒΙΑ, 1. (Ἀσσ. Πρές).— Οἱ πρεσβευταὶ τῆς Κίνας καὶ τῶν Ἡνωμένων Πολιτειῶν συνηντήθησαν σήμερον διὰ 108ην φοράν, ἀπὸ τοῦ 1955. Ἡ συνάντησις διήρκεσε δύο ὥρας, ἀλλὰ δὲν ἀνεκοινώθη τίποτε ἐπισήμως. Ἡ ἑπομένη συνάντησις ὡρίσθη διὰ τὸν Ἀπρίλιον.

ΦΟΙΤΗΤΑΙ ΔΙΑΜΑΡΤΥΡΟΝΤΑΙ ΔΙΑ ΤΗΝ ΜΕΙΩΣΙΝ ΤΩΝ ΩΡΩΝ ΔΙΔΑΣΚΑΛΙΑΣ ΤΩΝ ΘΡΗΣΚΕΥΤΙΚΩΝ

Ὁ θεολογικὸς φοιτητικὸς σύλλογος ἐξέδωκεν ἀνακοίνωσιν διὰ τῆς ὁποίας διαμαρτύρεται διὰ τὴν μείωσιν τῶν ὡρῶν διδασκαλίας τῶν θρησκευτικῶν εἰς τὰ σχολεῖα.

ΕΙΣ ΑΘΗΝΑΣ

ΑΘΗΝΑΙ, 1.— Οἱ φοιτηταὶ τῆς Θεολογικῆς Σχολῆς ἐπραγματοποίησαν συγκέντρωσιν διαμαρτυρίας.

Εἰς τὸν συνοικισμὸν Ἄνω Τούμπας

ΣΤΡΑΤΙΩΤΗΣ ΑΠΗΓΑΓΕΝ ΕΚΟΥΣΙΩΣ ΕΓΓΑΜΟΝ ΔΙΟΤΙ Ο ΣΥΖΥΓΟΣ ΤΗΣ ΔΕΝ ΣΥΓΚΑΤΕΤΕΘΗ ΝΑ ΝΥΜΦΕΥΘΗ Η ΚΟΡΗ ΤΟΝ ΜΕΓ' ΑΥΤΟΥ

Εἶχε προειδοποιήσει διὰ τὴν ἀπαγωγήν!

Γύρω, ὅμως, κινδυνεύει καὶ διὰ λιποταξία

Ἀπαγωγὴ ὑπανδρου γυναικὸς ἡ ὁποία ἠκολούθησεν ἑκουσίως τὸν στρατιώτην, κατελήφθη εἰς τὸν συνοικισμὸν Ἄνω Τούμπας.

Ὁ στρατιώτης εἶχε προειδοποιήσει ὅτι θὰ ἀπαγάγῃ τὴν γυναῖκα, διότι ὁ σύζυγός της δὲν συγκατετέθη νὰ τοῦ δώσῃ ὡς σύζυγον τὴν θυγατέρα του. Ἡ ἀστυνομία ἀνευρῆκε τὸ ζεῦγος εἰς οἰκίαν συγγενοῦς. Ὁ στρατιώτης θὰ παραπεμφθῇ καὶ διὰ λιποταξίαν, διότι ἀπουσιάζει ἀπὸ τὴν μονάδα του ἀπὸ πέντε ἡμερῶν.
